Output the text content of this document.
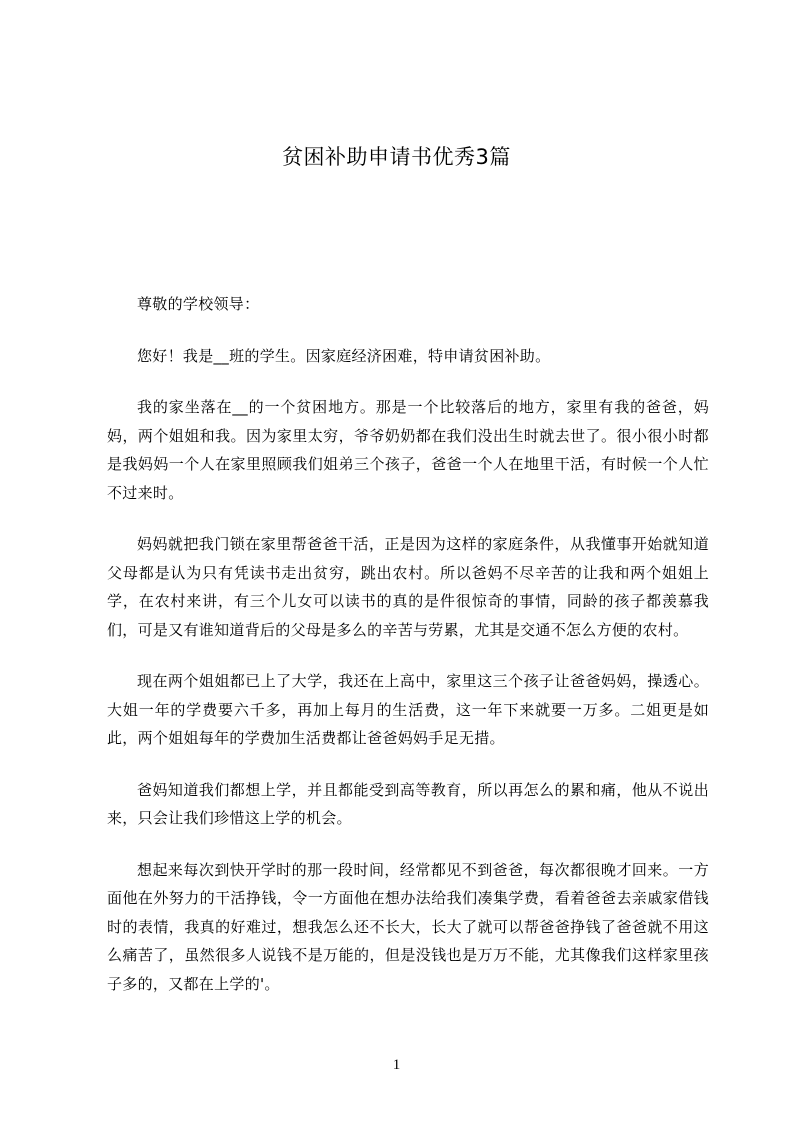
贫困补助申请书优秀3篇

尊敬的学校领导：

您好！我是__班的学生。因家庭经济困难，特申请贫困补助。

我的家坐落在__的一个贫困地方。那是一个比较落后的地方，家里有我的爸爸，妈妈，两个姐姐和我。因为家里太穷，爷爷奶奶都在我们没出生时就去世了。很小很小时都是我妈妈一个人在家里照顾我们姐弟三个孩子，爸爸一个人在地里干活，有时候一个人忙不过来时。

妈妈就把我门锁在家里帮爸爸干活，正是因为这样的家庭条件，从我懂事开始就知道父母都是认为只有凭读书走出贫穷，跳出农村。所以爸妈不尽辛苦的让我和两个姐姐上学，在农村来讲，有三个儿女可以读书的真的是件很惊奇的事情，同龄的孩子都羡慕我们，可是又有谁知道背后的父母是多么的辛苦与劳累，尤其是交通不怎么方便的农村。

现在两个姐姐都已上了大学，我还在上高中，家里这三个孩子让爸爸妈妈，操透心。大姐一年的学费要六千多，再加上每月的生活费，这一年下来就要一万多。二姐更是如此，两个姐姐每年的学费加生活费都让爸爸妈妈手足无措。

爸妈知道我们都想上学，并且都能受到高等教育，所以再怎么的累和痛，他从不说出来，只会让我们珍惜这上学的机会。

想起来每次到快开学时的那一段时间，经常都见不到爸爸，每次都很晚才回来。一方面他在外努力的干活挣钱，令一方面他在想办法给我们凑集学费，看着爸爸去亲戚家借钱时的表情，我真的好难过，想我怎么还不长大，长大了就可以帮爸爸挣钱了爸爸就不用这么痛苦了，虽然很多人说钱不是万能的，但是没钱也是万万不能，尤其像我们这样家里孩子多的，又都在上学的'。

1
